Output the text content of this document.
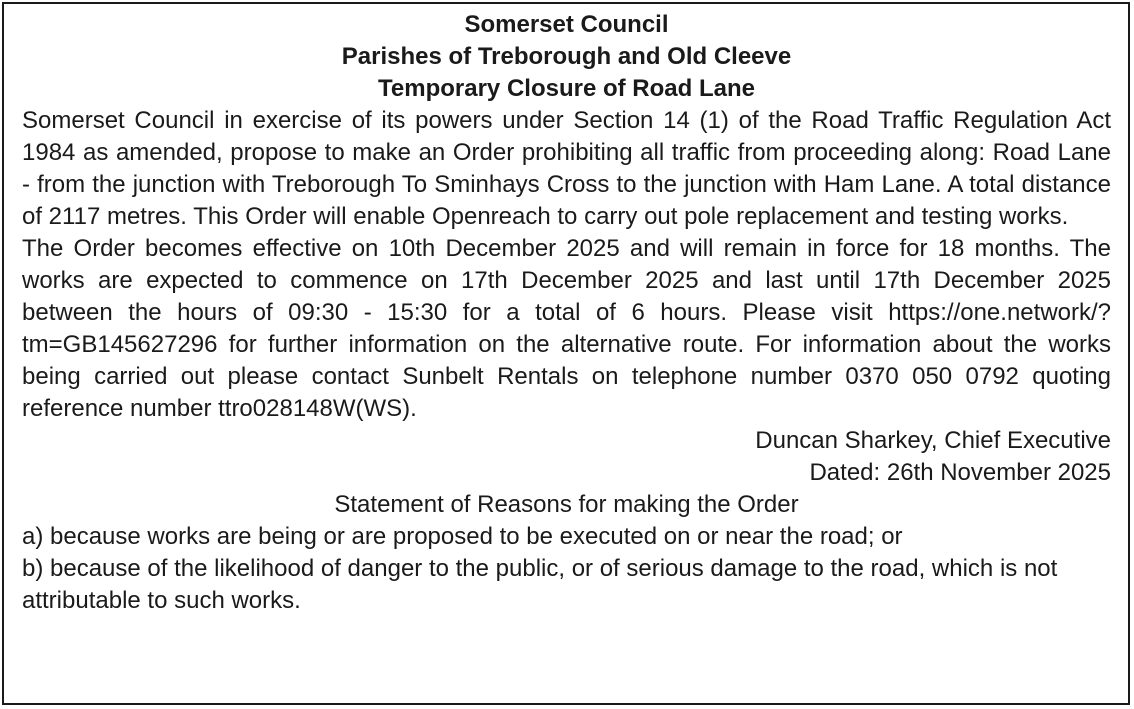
Somerset Council
Parishes of Treborough and Old Cleeve
Temporary Closure of Road Lane

Somerset Council in exercise of its powers under Section 14 (1) of the Road Traffic Regulation Act 1984 as amended, propose to make an Order prohibiting all traffic from proceeding along: Road Lane - from the junction with Treborough To Sminhays Cross to the junction with Ham Lane. A total distance of 2117 metres. This Order will enable Openreach to carry out pole replacement and testing works.

The Order becomes effective on 10th December 2025 and will remain in force for 18 months. The works are expected to commence on 17th December 2025 and last until 17th December 2025 between the hours of 09:30 - 15:30 for a total of 6 hours. Please visit https://one.network/?tm=GB145627296 for further information on the alternative route. For information about the works being carried out please contact Sunbelt Rentals on telephone number 0370 050 0792 quoting reference number ttro028148W(WS).

Duncan Sharkey, Chief Executive
Dated: 26th November 2025
Statement of Reasons for making the Order

a) because works are being or are proposed to be executed on or near the road; or

b) because of the likelihood of danger to the public, or of serious damage to the road, which is not attributable to such works.
